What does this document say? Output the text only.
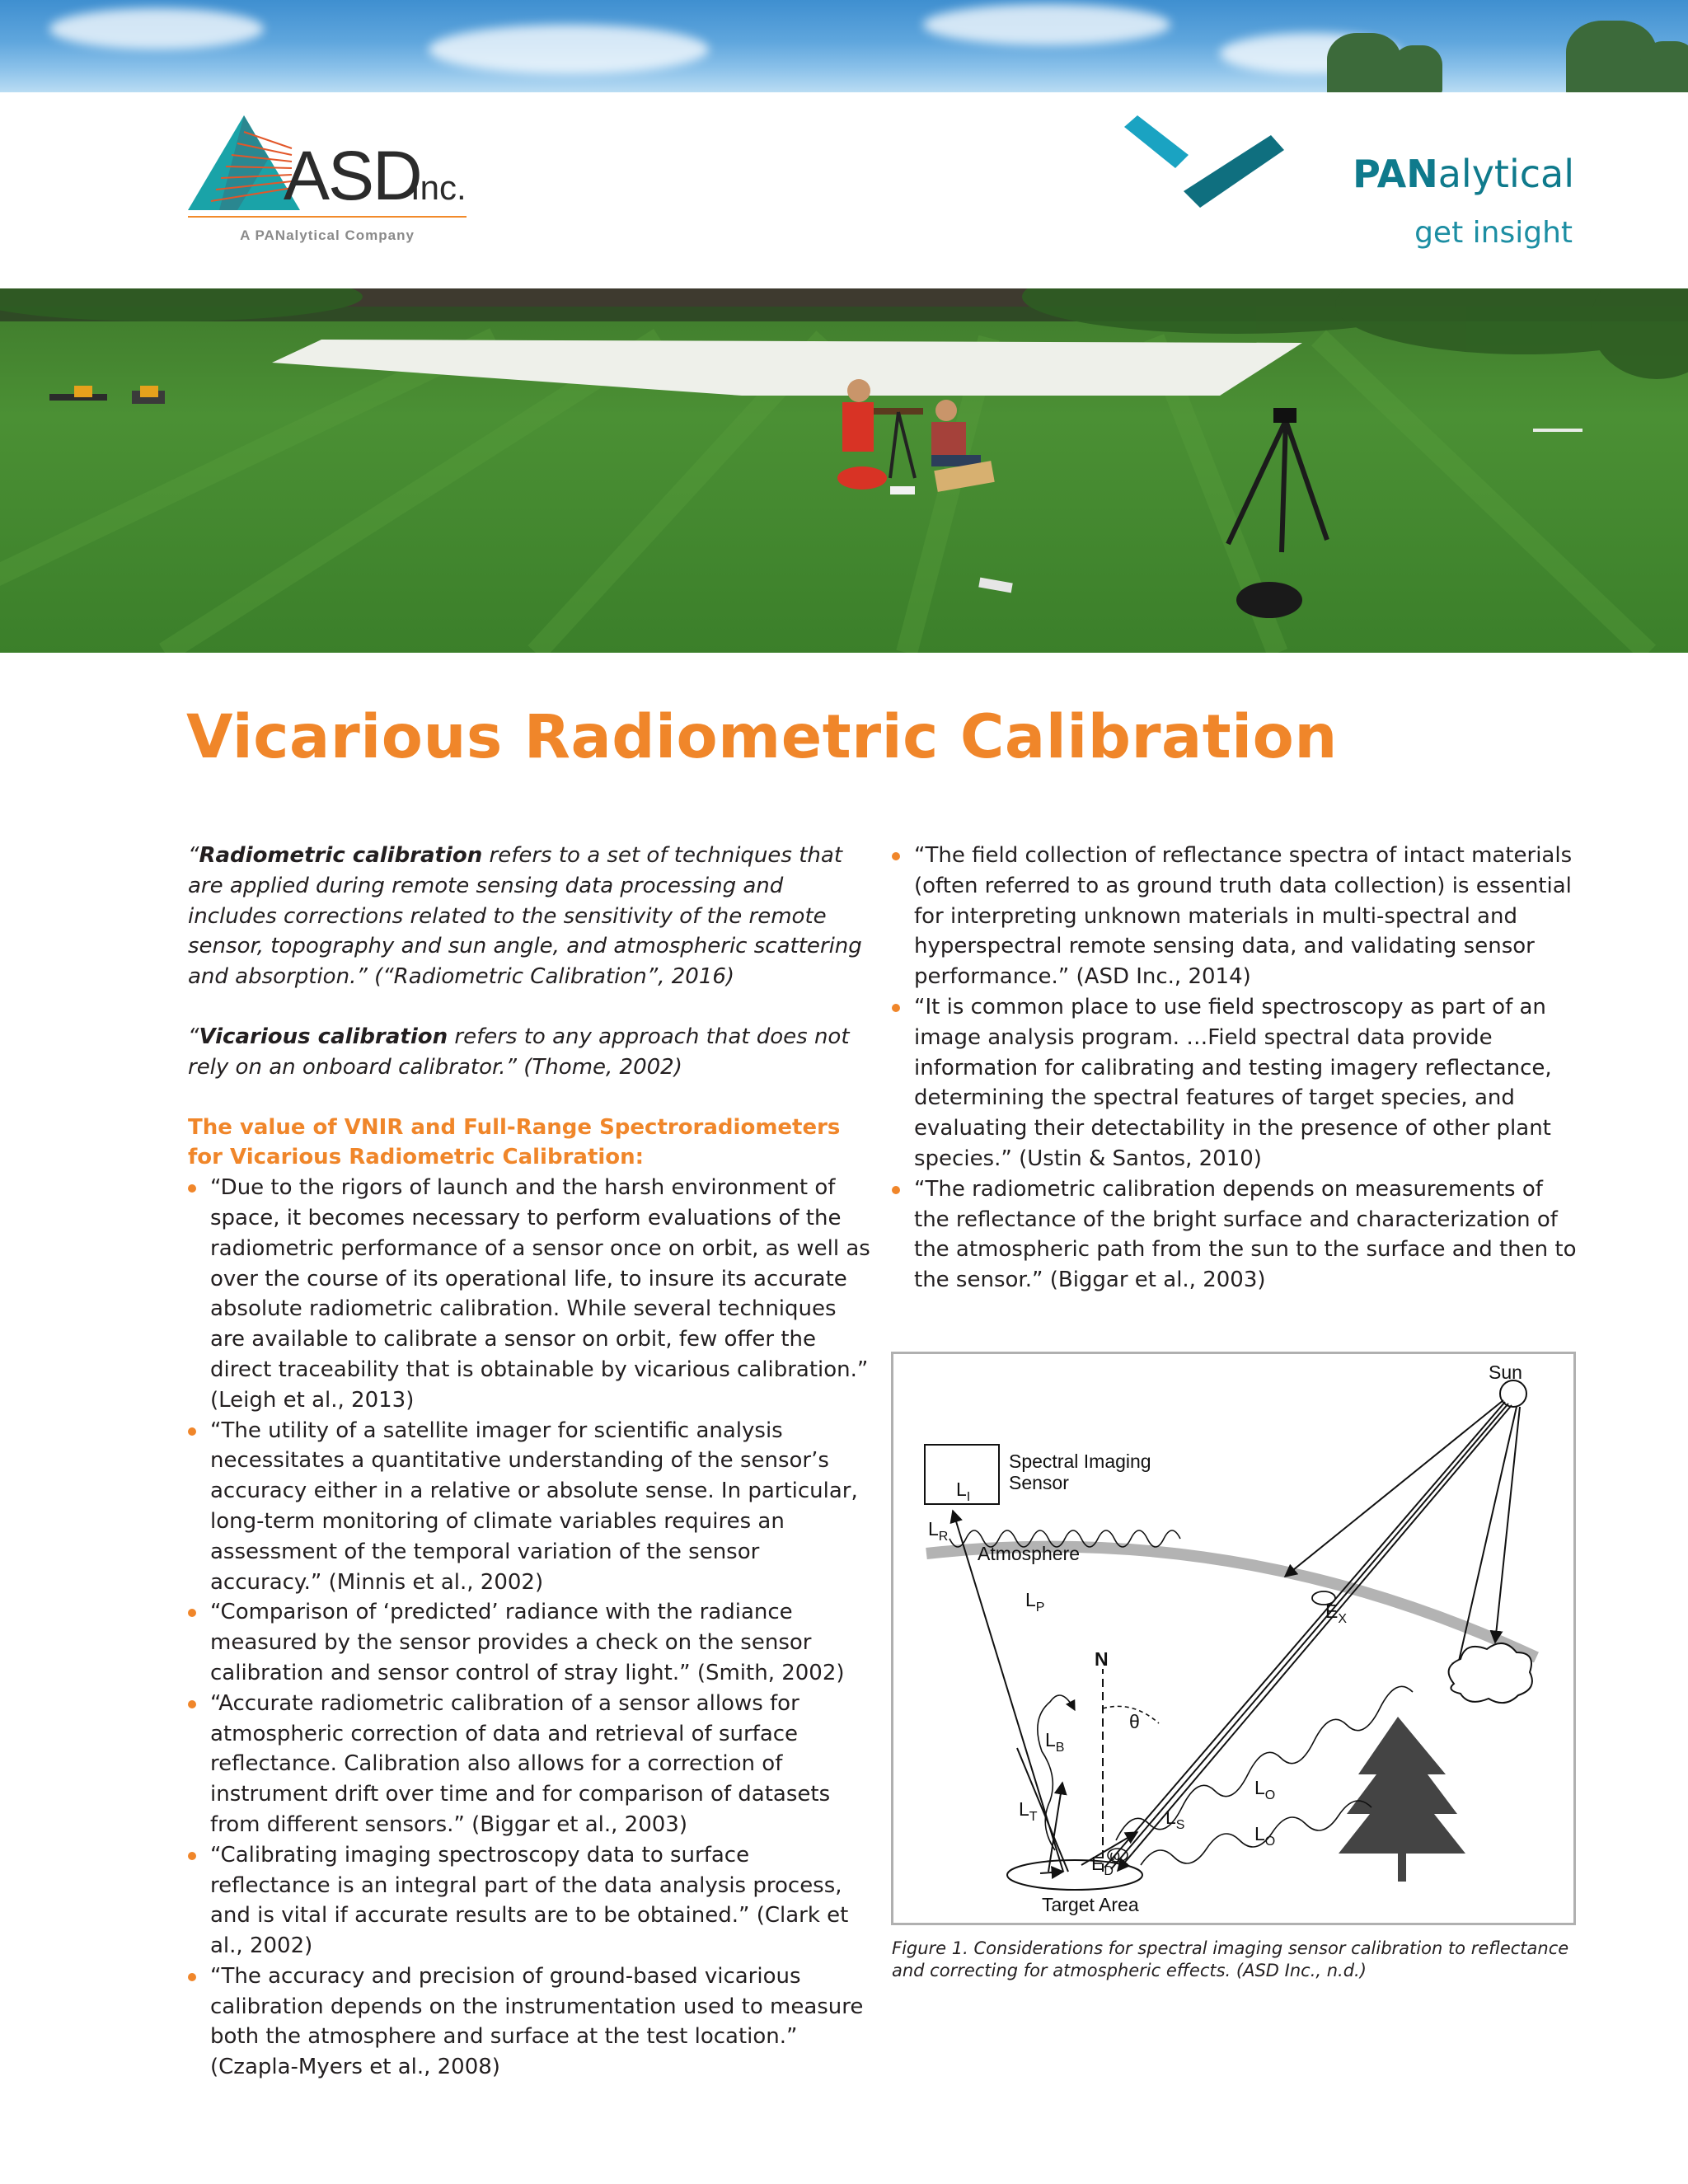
ASD
Inc.
A PANalytical Company
PANalytical
get insight
Vicarious Radiometric Calibration

“Radiometric calibration refers to a set of techniques that are applied during remote sensing data processing and includes corrections related to the sensitivity of the remote sensor, topography and sun angle, and atmospheric scattering and absorption.” (“Radiometric Calibration”, 2016)

“Vicarious calibration refers to any approach that does not rely on an onboard calibrator.” (Thome, 2002)

The value of VNIR and Full-Range Spectroradiometers for Vicarious Radiometric Calibration:

“Due to the rigors of launch and the harsh environment of space, it becomes necessary to perform evaluations of the radiometric performance of a sensor once on orbit, as well as over the course of its operational life, to insure its accurate absolute radiometric calibration. While several techniques are available to calibrate a sensor on orbit, few offer the direct traceability that is obtainable by vicarious calibration.” (Leigh et al., 2013)
“The utility of a satellite imager for scientific analysis necessitates a quantitative understanding of the sensor’s accuracy either in a relative or absolute sense. In particular, long-term monitoring of climate variables requires an assessment of the temporal variation of the sensor accuracy.” (Minnis et al., 2002)
“Comparison of ‘predicted’ radiance with the radiance measured by the sensor provides a check on the sensor calibration and sensor control of stray light.” (Smith, 2002)
“Accurate radiometric calibration of a sensor allows for atmospheric correction of data and retrieval of surface reflectance. Calibration also allows for a correction of instrument drift over time and for comparison of datasets from different sensors.” (Biggar et al., 2003)
“Calibrating imaging spectroscopy data to surface reflectance is an integral part of the data analysis process, and is vital if accurate results are to be obtained.” (Clark et al., 2002)
“The accuracy and precision of ground-based vicarious calibration depends on the instrumentation used to measure both the atmosphere and surface at the test location.” (Czapla-Myers et al., 2008)
“The field collection of reflectance spectra of intact materials (often referred to as ground truth data collection) is essential for interpreting unknown materials in multi-spectral and hyperspectral remote sensing data, and validating sensor performance.” (ASD Inc., 2014)
“It is common place to use field spectroscopy as part of an image analysis program. …Field spectral data provide information for calibrating and testing imagery reflectance, determining the spectral features of target species, and evaluating their detectability in the presence of other plant species.” (Ustin & Santos, 2010)
“The radiometric calibration depends on measurements of the reflectance of the bright surface and characterization of the atmospheric path from the sun to the surface and then to the sensor.” (Biggar et al., 2003)
Sun
Spectral Imaging
Sensor
$L_I$
$L_R$
Atmosphere
$L_P$	$E_X$
N
θ
$L_B$
$L_T$
ω
$L_S$
$L_O$
$L_O$
$E_D$
Target Area
Figure 1. Considerations for spectral imaging sensor calibration to reflectance and correcting for atmospheric effects. (ASD Inc., n.d.)
